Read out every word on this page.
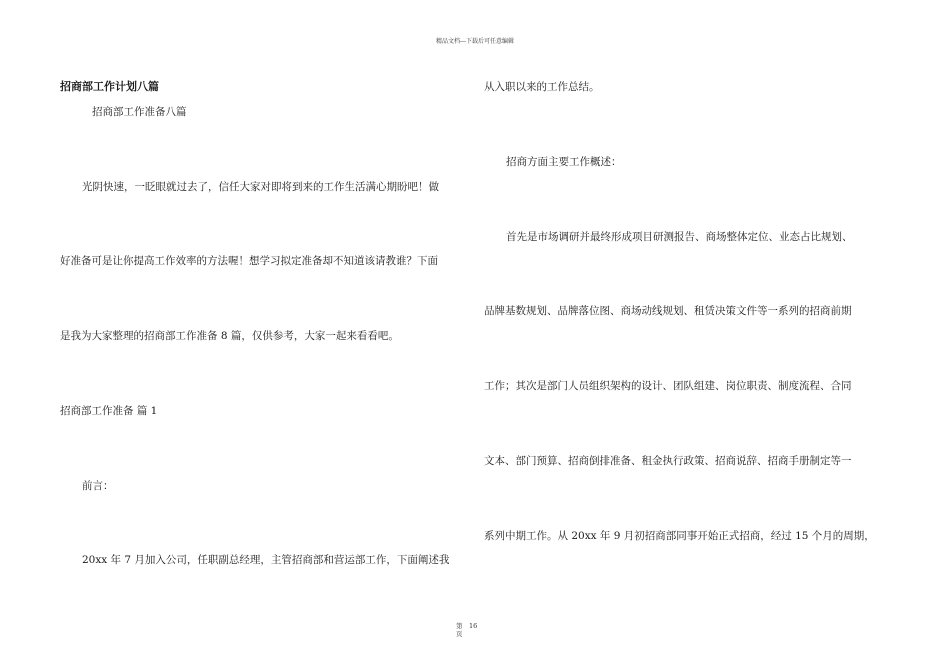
精品文档---下载后可任意编辑
招商部工作计划八篇
招商部工作准备八篇
光阴快速，一眨眼就过去了，信任大家对即将到来的工作生活满心期盼吧！做
好准备可是让你提高工作效率的方法喔！想学习拟定准备却不知道该请教谁？下面
是我为大家整理的招商部工作准备 8 篇，仅供参考，大家一起来看看吧。
招商部工作准备 篇 1
前言：
20xx 年 7 月加入公司，任职副总经理，主管招商部和营运部工作，下面阐述我
从入职以来的工作总结。
招商方面主要工作概述：
首先是市场调研并最终形成项目研测报告、商场整体定位、业态占比规划、
品牌基数规划、品牌落位图、商场动线规划、租赁决策文件等一系列的招商前期
工作；其次是部门人员组织架构的设计、团队组建、岗位职责、制度流程、合同
文本、部门预算、招商倒排准备、租金执行政策、招商说辞、招商手册制定等一
系列中期工作。从 20xx 年 9 月初招商部同事开始正式招商，经过 15 个月的周期，
第
页
16
